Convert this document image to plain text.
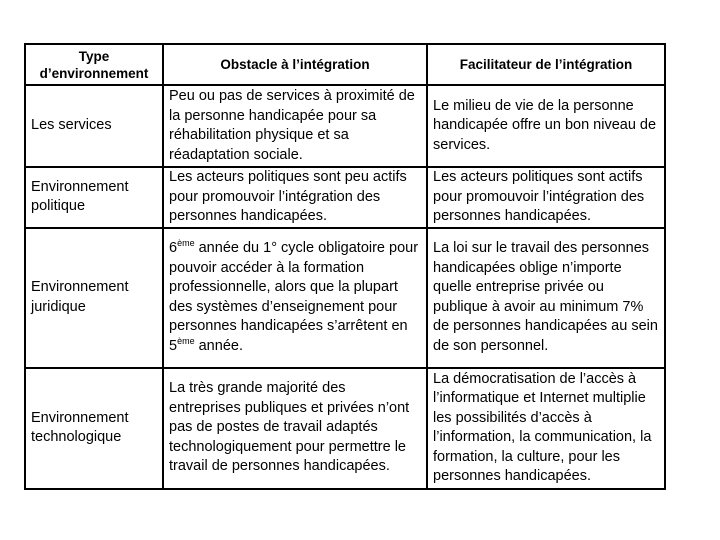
Type d’environnement	Obstacle à l’intégration	Facilitateur de l’intégration
Les services	Peu ou pas de services à proximité de la personne handicapée pour sa réhabilitation physique et sa réadaptation sociale.	Le milieu de vie de la personne handicapée offre un bon niveau de services.
Environnement politique	Les acteurs politiques sont peu actifs pour promouvoir l’intégration des personnes handicapées.	Les acteurs politiques sont actifs pour promouvoir l’intégration des personnes handicapées.
Environnement juridique	6ème année du 1° cycle obligatoire pour pouvoir accéder à la formation professionnelle, alors que la plupart des systèmes d’enseignement pour personnes handicapées s’arrêtent en 5ème année.	La loi sur le travail des personnes handicapées oblige n’importe quelle entreprise privée ou publique à avoir au minimum 7% de personnes handicapées au sein de son personnel.
Environnement technologique	La très grande majorité des entreprises publiques et privées n’ont pas de postes de travail adaptés technologiquement pour permettre le travail de personnes handicapées.	La démocratisation de l’accès à l’informatique et Internet multiplie les possibilités d’accès à l’information, la communication, la formation, la culture, pour les personnes handicapées.
